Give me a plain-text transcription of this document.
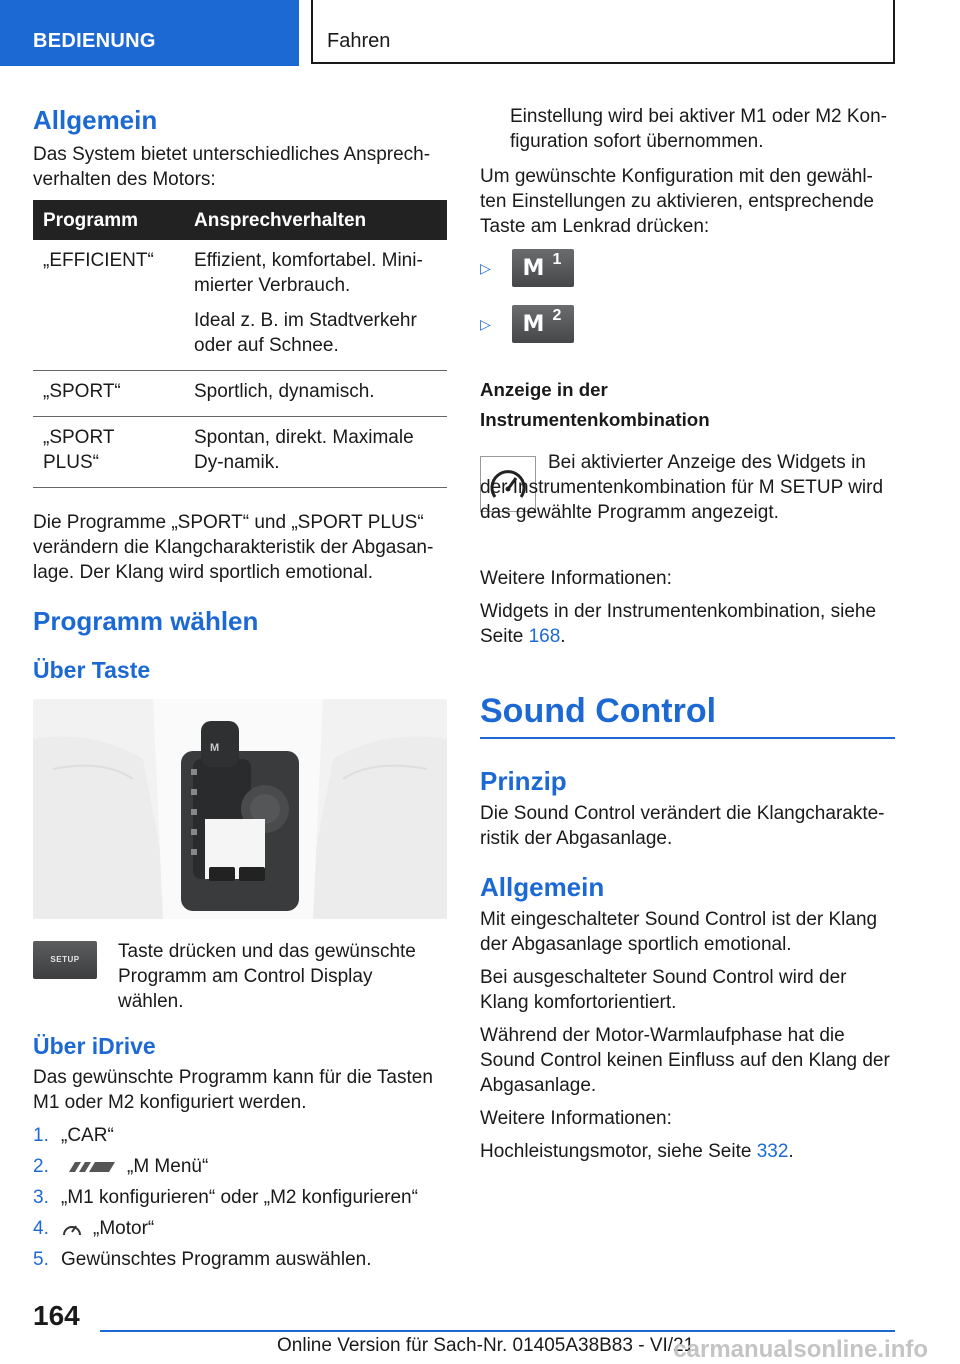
BEDIENUNG	Fahren
Allgemein

Das System bietet unterschiedliches Ansprech-verhalten des Motors:

Programm	Ansprechverhalten
„EFFICIENT“	Effizient, komfortabel. Mini-mierter Verbrauch.

Ideal z. B. im Stadtverkehr oder auf Schnee.

„SPORT“	Sportlich, dynamisch.
„SPORT PLUS“	Spontan, direkt. Maximale Dy-namik.

Die Programme „SPORT“ und „SPORT PLUS“ verändern die Klangcharakteristik der Abgasan-lage. Der Klang wird sportlich emotional.

Programm wählen
Über Taste
M
SETUP	Taste drücken und das gewünschte Programm am Control Display wählen.

Über iDrive

Das gewünschte Programm kann für die Tasten M1 oder M2 konfiguriert werden.

1. „CAR“
2.	„M Menü“
3. „M1 konfigurieren“ oder „M2 konfigurieren“
4. „Motor“
5. Gewünschtes Programm auswählen.

Einstellung wird bei aktiver M1 oder M2 Kon-figuration sofort übernommen.

Um gewünschte Konfiguration mit den gewähl-ten Einstellungen zu aktivieren, entsprechende Taste am Lenkrad drücken:

▷ M 1
▷ M 2
Anzeige in der Instrumentenkombination

Bei aktivierter Anzeige des Widgets in der Instrumentenkombination für M SETUP wird das gewählte Programm angezeigt.

Weitere Informationen:

Widgets in der Instrumentenkombination, siehe Seite 168.

Sound Control
Prinzip

Die Sound Control verändert die Klangcharakte-ristik der Abgasanlage.

Allgemein

Mit eingeschalteter Sound Control ist der Klang der Abgasanlage sportlich emotional.

Bei ausgeschalteter Sound Control wird der Klang komfortorientiert.

Während der Motor-Warmlaufphase hat die Sound Control keinen Einfluss auf den Klang der Abgasanlage.

Weitere Informationen:

Hochleistungsmotor, siehe Seite 332.

164
Online Version für Sach-Nr. 01405A38B83 - VI/21
carmanualsonline.info
